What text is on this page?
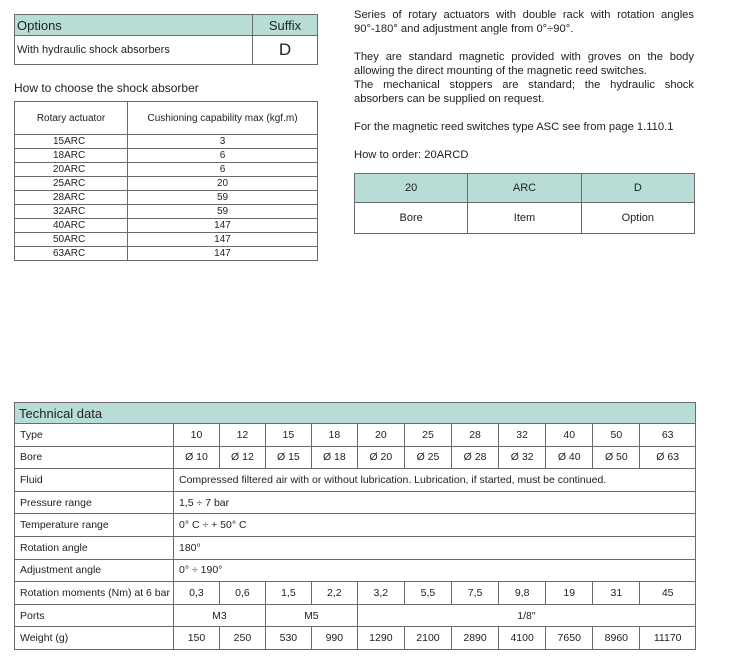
Options	Suffix
With hydraulic shock absorbers	D
How to choose the shock absorber
Rotary actuator	Cushioning capability max (kgf.m)
15ARC	3
18ARC	6
20ARC	6
25ARC	20
28ARC	59
32ARC	59
40ARC	147
50ARC	147
63ARC	147

Series of rotary actuators with double rack with rotation angles 90°-180° and adjustment angle from 0°÷90°.

They are standard magnetic provided with groves on the body allowing the direct mounting of the magnetic reed switches.

The mechanical stoppers are standard; the hydraulic shock absorbers can be supplied on request.

For the magnetic reed switches type ASC see from page 1.110.1

How to order: 20ARCD

20	ARC	D
Bore	Item	Option
Technical data											
Type	10	12	15	18	20	25	28	32	40	50	63
Bore	Ø 10	Ø 12	Ø 15	Ø 18	Ø 20	Ø 25	Ø 28	Ø 32	Ø 40	Ø 50	Ø 63
Fluid	Compressed filtered air with or without lubrication. Lubrication, if started, must be continued.										
Pressure range	1,5 ÷ 7 bar										
Temperature range	0° C ÷ + 50° C										
Rotation angle	180°										
Adjustment angle	0° ÷ 190°										
Rotation moments (Nm) at 6 bar	0,3	0,6	1,5	2,2	3,2	5,5	7,5	9,8	19	31	45
Ports	M3		M5		1/8"						
Weight (g)	150	250	530	990	1290	2100	2890	4100	7650	8960	11170
